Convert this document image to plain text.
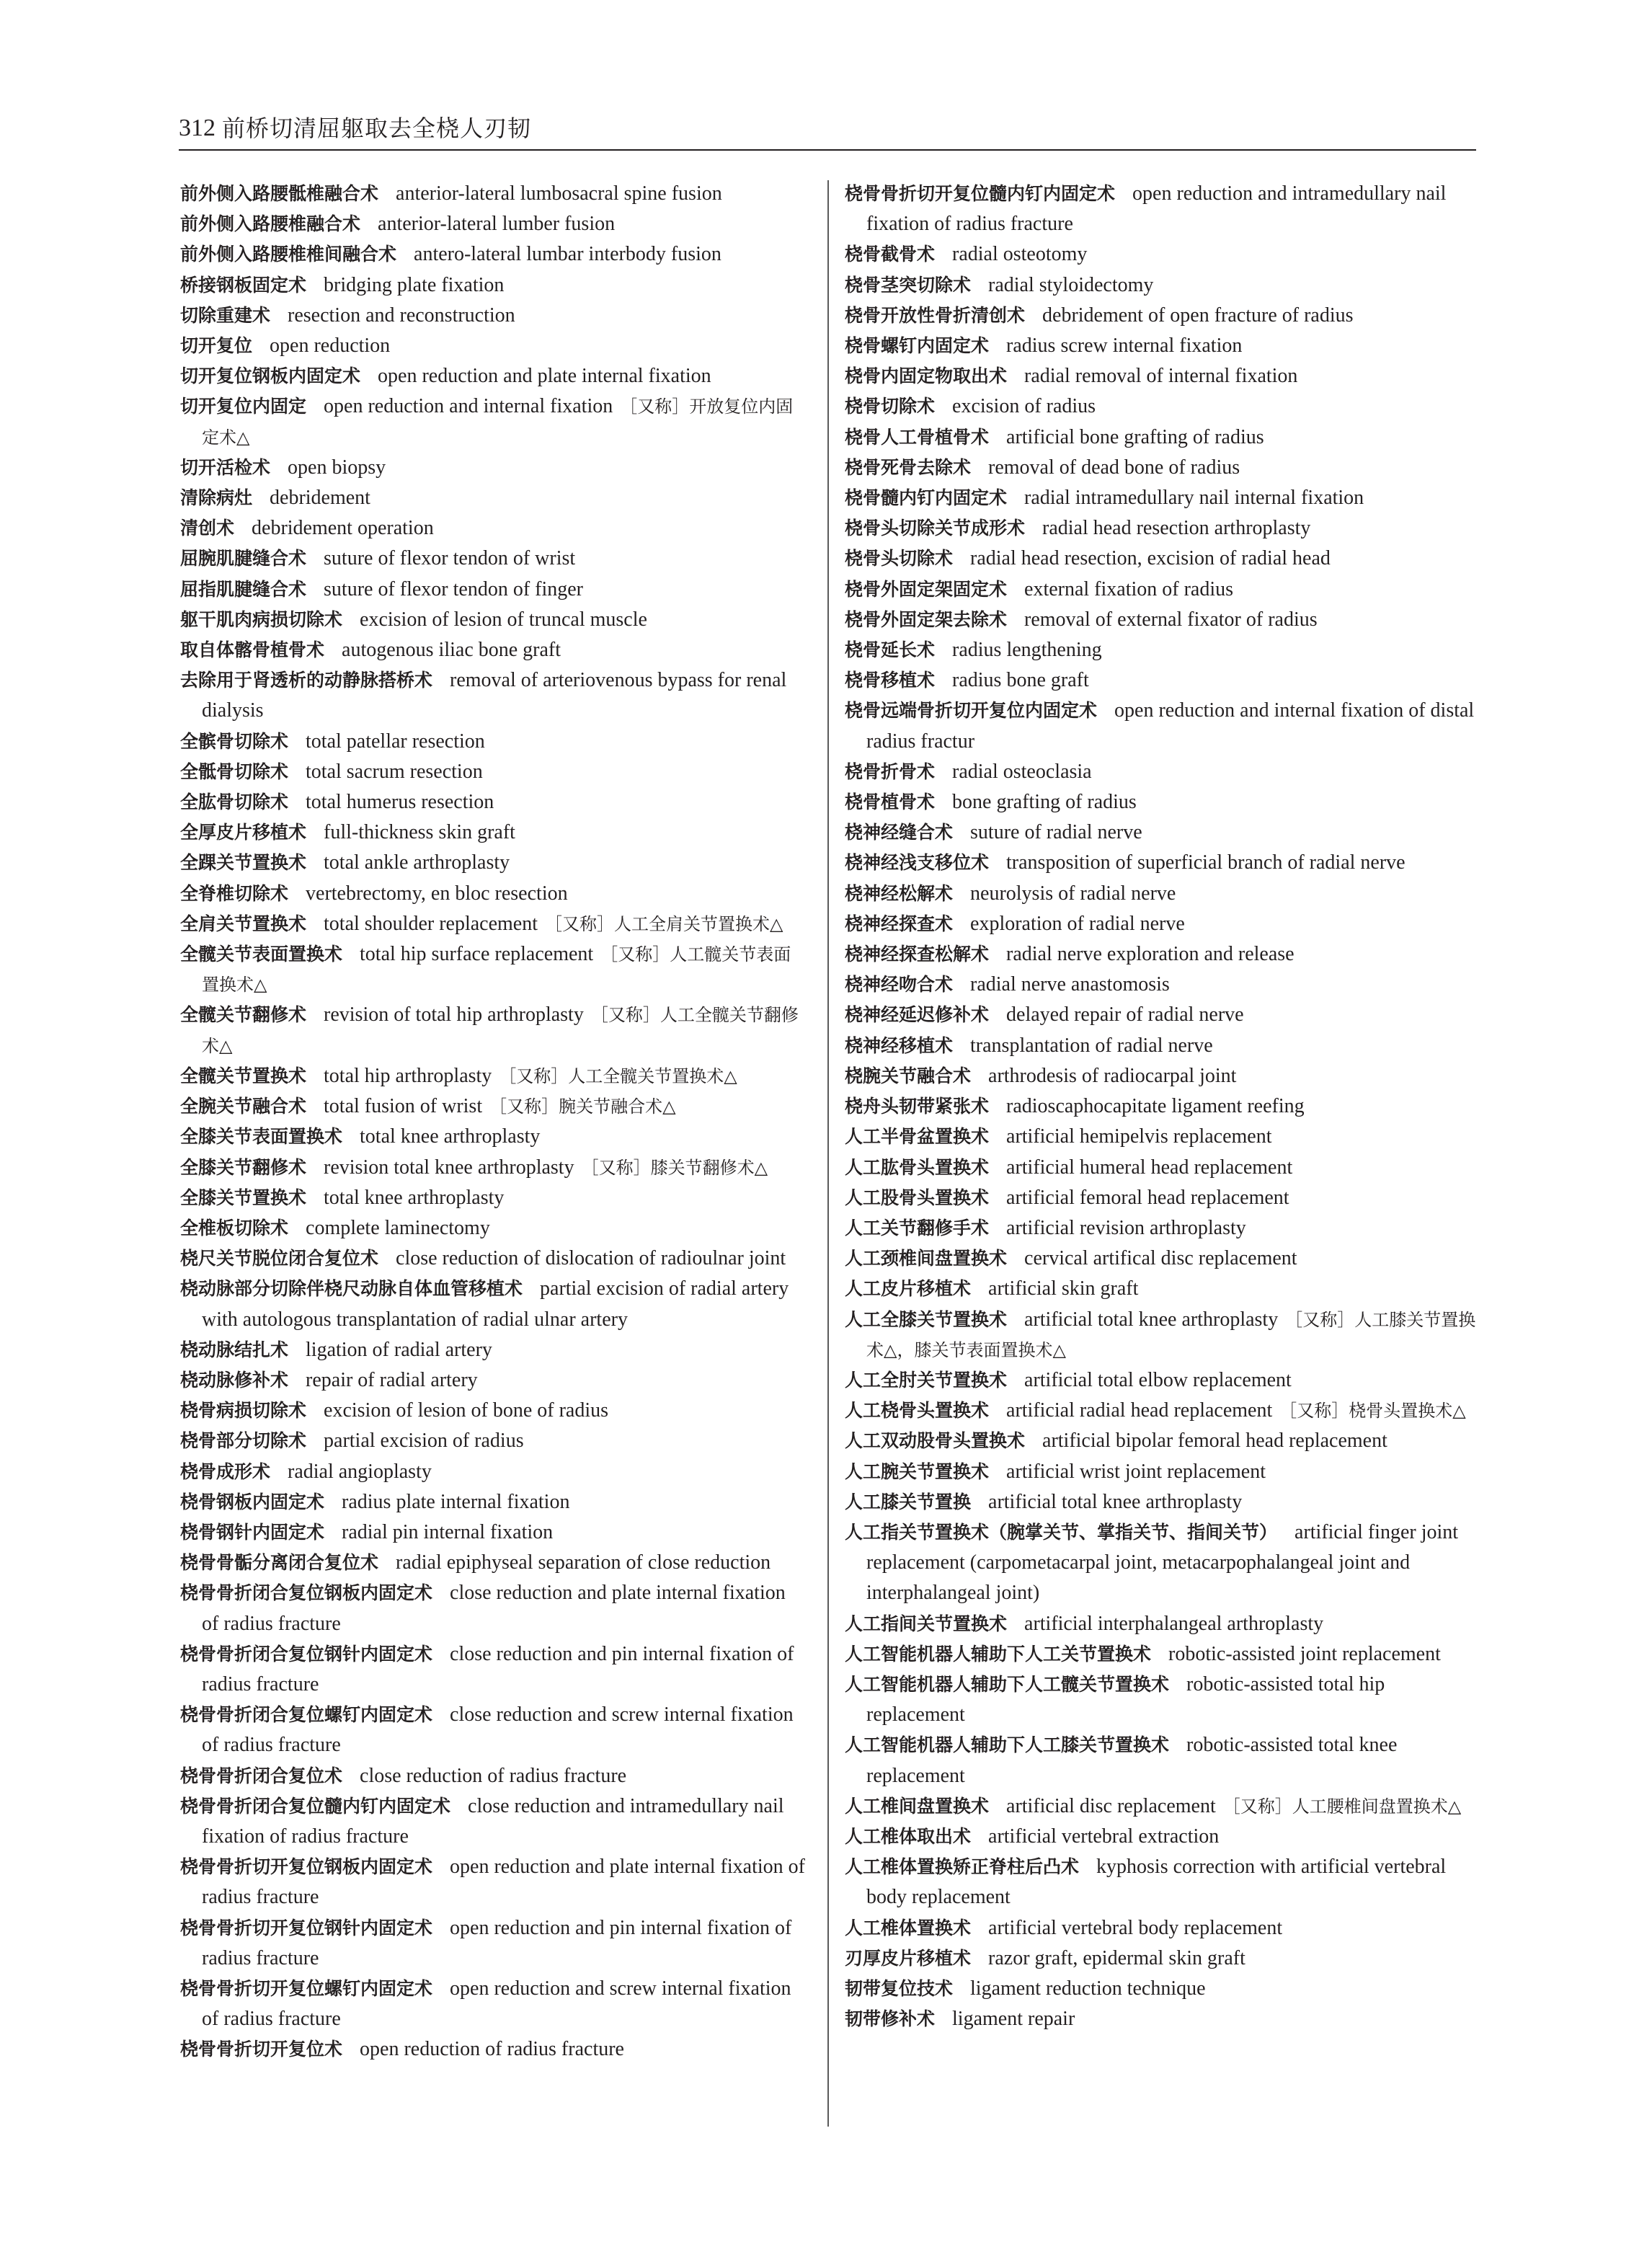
312 前桥切清屈躯取去全桡人刃韧

前外侧入路腰骶椎融合术 anterior-lateral lumbosacral spine fusion

前外侧入路腰椎融合术 anterior-lateral lumber fusion

前外侧入路腰椎椎间融合术 antero-lateral lumbar interbody fusion

桥接钢板固定术 bridging plate fixation

切除重建术 resection and reconstruction

切开复位 open reduction

切开复位钢板内固定术 open reduction and plate internal fixation

切开复位内固定 open reduction and internal fixation ［又称］开放复位内固定术△

切开活检术 open biopsy

清除病灶 debridement

清创术 debridement operation

屈腕肌腱缝合术 suture of flexor tendon of wrist

屈指肌腱缝合术 suture of flexor tendon of finger

躯干肌肉病损切除术 excision of lesion of truncal muscle

取自体髂骨植骨术 autogenous iliac bone graft

去除用于肾透析的动静脉搭桥术 removal of arteriovenous bypass for renal dialysis

全髌骨切除术 total patellar resection

全骶骨切除术 total sacrum resection

全肱骨切除术 total humerus resection

全厚皮片移植术 full-thickness skin graft

全踝关节置换术 total ankle arthroplasty

全脊椎切除术 vertebrectomy, en bloc resection

全肩关节置换术 total shoulder replacement ［又称］人工全肩关节置换术△

全髋关节表面置换术 total hip surface replacement ［又称］人工髋关节表面置换术△

全髋关节翻修术 revision of total hip arthroplasty ［又称］人工全髋关节翻修术△

全髋关节置换术 total hip arthroplasty ［又称］人工全髋关节置换术△

全腕关节融合术 total fusion of wrist ［又称］腕关节融合术△

全膝关节表面置换术 total knee arthroplasty

全膝关节翻修术 revision total knee arthroplasty ［又称］膝关节翻修术△

全膝关节置换术 total knee arthroplasty

全椎板切除术 complete laminectomy

桡尺关节脱位闭合复位术 close reduction of dislocation of radioulnar joint

桡动脉部分切除伴桡尺动脉自体血管移植术 partial excision of radial artery with autologous transplantation of radial ulnar artery

桡动脉结扎术 ligation of radial artery

桡动脉修补术 repair of radial artery

桡骨病损切除术 excision of lesion of bone of radius

桡骨部分切除术 partial excision of radius

桡骨成形术 radial angioplasty

桡骨钢板内固定术 radius plate internal fixation

桡骨钢针内固定术 radial pin internal fixation

桡骨骨骺分离闭合复位术 radial epiphyseal separation of close reduction

桡骨骨折闭合复位钢板内固定术 close reduction and plate internal fixation of radius fracture

桡骨骨折闭合复位钢针内固定术 close reduction and pin internal fixation of radius fracture

桡骨骨折闭合复位螺钉内固定术 close reduction and screw internal fixation of radius fracture

桡骨骨折闭合复位术 close reduction of radius fracture

桡骨骨折闭合复位髓内钉内固定术 close reduction and intramedullary nail fixation of radius fracture

桡骨骨折切开复位钢板内固定术 open reduction and plate internal fixation of radius fracture

桡骨骨折切开复位钢针内固定术 open reduction and pin internal fixation of radius fracture

桡骨骨折切开复位螺钉内固定术 open reduction and screw internal fixation of radius fracture

桡骨骨折切开复位术 open reduction of radius fracture

桡骨骨折切开复位髓内钉内固定术 open reduction and intramedullary nail fixation of radius fracture

桡骨截骨术 radial osteotomy

桡骨茎突切除术 radial styloidectomy

桡骨开放性骨折清创术 debridement of open fracture of radius

桡骨螺钉内固定术 radius screw internal fixation

桡骨内固定物取出术 radial removal of internal fixation

桡骨切除术 excision of radius

桡骨人工骨植骨术 artificial bone grafting of radius

桡骨死骨去除术 removal of dead bone of radius

桡骨髓内钉内固定术 radial intramedullary nail internal fixation

桡骨头切除关节成形术 radial head resection arthroplasty

桡骨头切除术 radial head resection, excision of radial head

桡骨外固定架固定术 external fixation of radius

桡骨外固定架去除术 removal of external fixator of radius

桡骨延长术 radius lengthening

桡骨移植术 radius bone graft

桡骨远端骨折切开复位内固定术 open reduction and internal fixation of distal radius fractur

桡骨折骨术 radial osteoclasia

桡骨植骨术 bone grafting of radius

桡神经缝合术 suture of radial nerve

桡神经浅支移位术 transposition of superficial branch of radial nerve

桡神经松解术 neurolysis of radial nerve

桡神经探查术 exploration of radial nerve

桡神经探查松解术 radial nerve exploration and release

桡神经吻合术 radial nerve anastomosis

桡神经延迟修补术 delayed repair of radial nerve

桡神经移植术 transplantation of radial nerve

桡腕关节融合术 arthrodesis of radiocarpal joint

桡舟头韧带紧张术 radioscaphocapitate ligament reefing

人工半骨盆置换术 artificial hemipelvis replacement

人工肱骨头置换术 artificial humeral head replacement

人工股骨头置换术 artificial femoral head replacement

人工关节翻修手术 artificial revision arthroplasty

人工颈椎间盘置换术 cervical artifical disc replacement

人工皮片移植术 artificial skin graft

人工全膝关节置换术 artificial total knee arthroplasty ［又称］人工膝关节置换术△，膝关节表面置换术△

人工全肘关节置换术 artificial total elbow replacement

人工桡骨头置换术 artificial radial head replacement ［又称］桡骨头置换术△

人工双动股骨头置换术 artificial bipolar femoral head replacement

人工腕关节置换术 artificial wrist joint replacement

人工膝关节置换 artificial total knee arthroplasty

人工指关节置换术（腕掌关节、掌指关节、指间关节） artificial finger joint replacement (carpometacarpal joint, metacarpophalangeal joint and interphalangeal joint)

人工指间关节置换术 artificial interphalangeal arthroplasty

人工智能机器人辅助下人工关节置换术 robotic-assisted joint replacement

人工智能机器人辅助下人工髋关节置换术 robotic-assisted total hip replacement

人工智能机器人辅助下人工膝关节置换术 robotic-assisted total knee replacement

人工椎间盘置换术 artificial disc replacement ［又称］人工腰椎间盘置换术△

人工椎体取出术 artificial vertebral extraction

人工椎体置换矫正脊柱后凸术 kyphosis correction with artificial vertebral body replacement

人工椎体置换术 artificial vertebral body replacement

刃厚皮片移植术 razor graft, epidermal skin graft

韧带复位技术 ligament reduction technique

韧带修补术 ligament repair
